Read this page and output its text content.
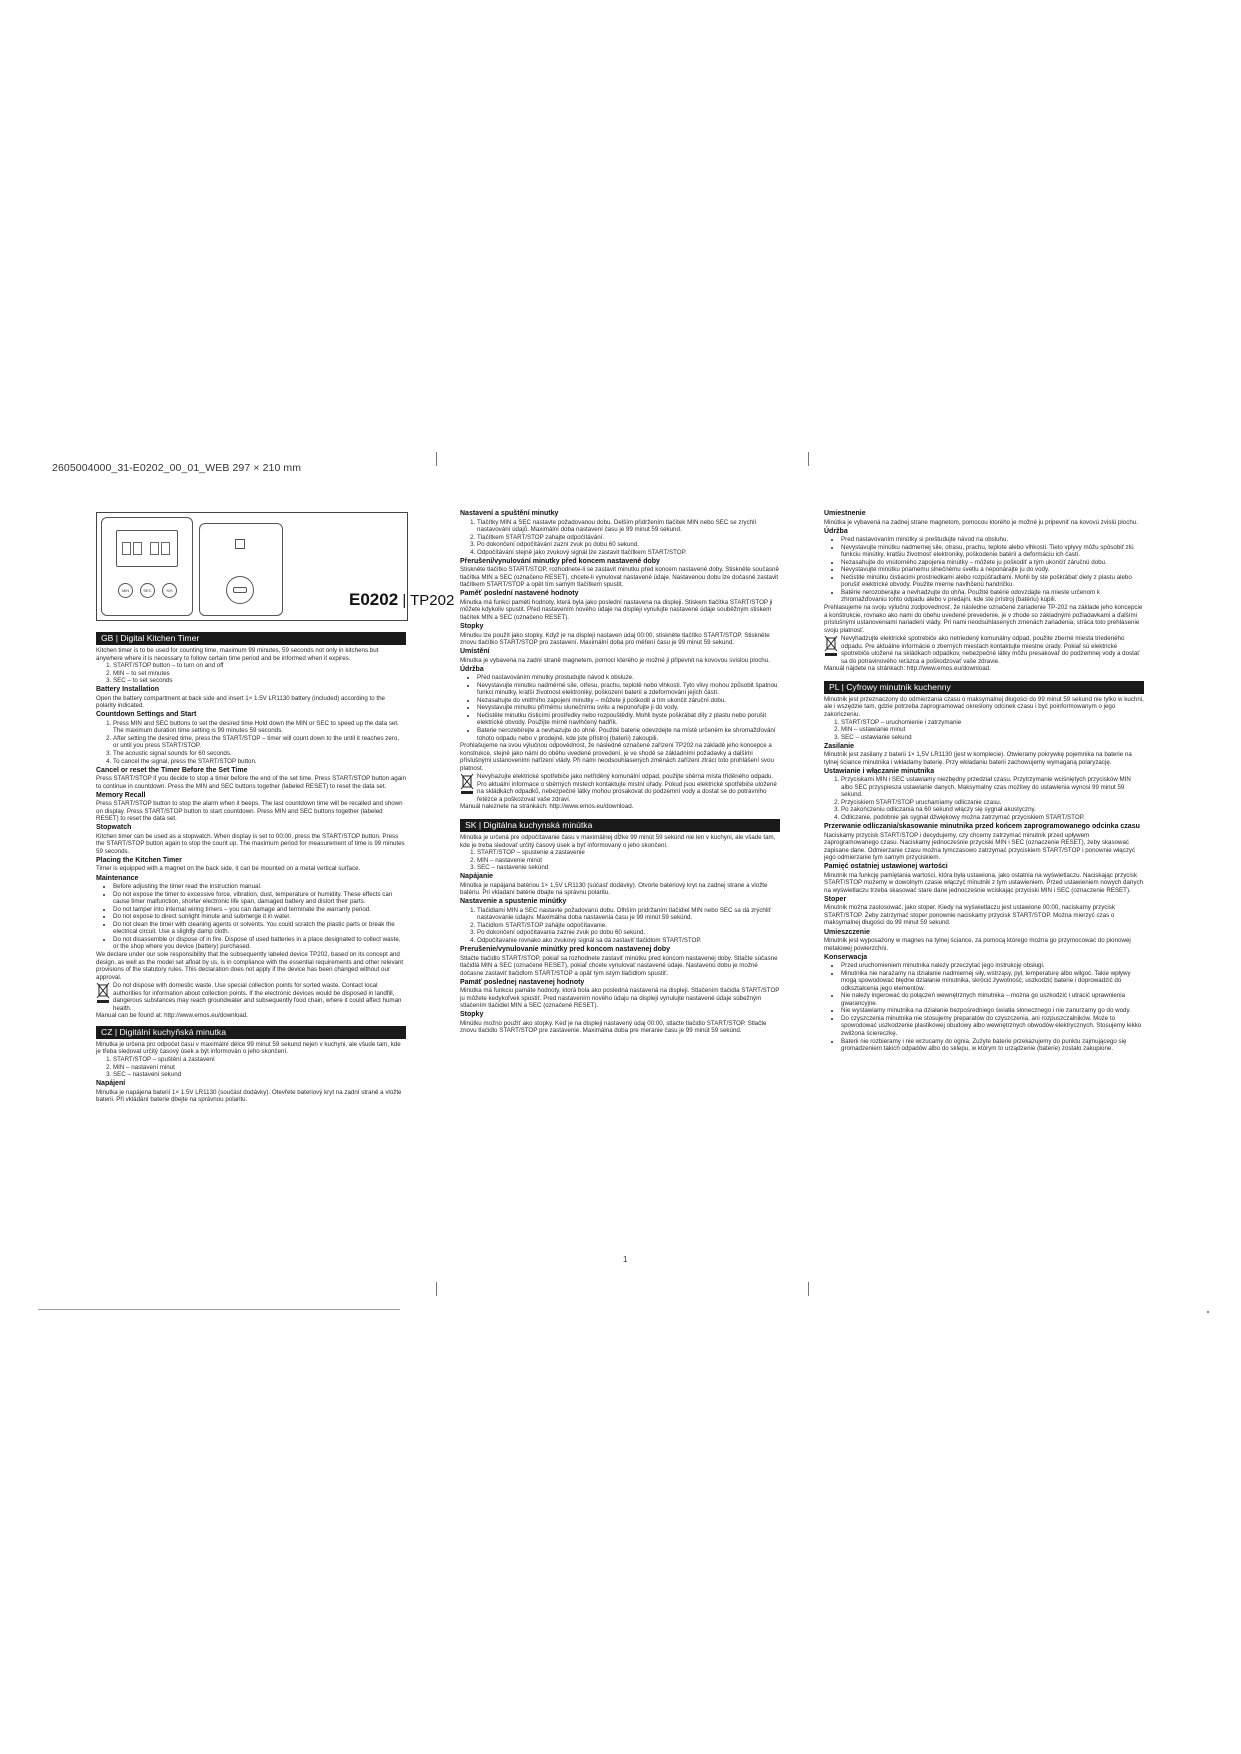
2605004000_31-E0202_00_01_WEB 297 × 210 mm
1
MIN	SEC	S/S	E0202 | TP202
GB | Digital Kitchen Timer

Kitchen timer is to be used for counting time, maximum 99 minutes, 59 seconds not only in kitchens but anywhere where it is necessary to follow certain time period and be informed when it expires.

1. START/STOP button – to turn on and off
2. MIN – to set minutes
3. SEC – to set seconds
Battery Installation

Open the battery compartment at back side and insert 1× 1.5V LR1130 battery (included) according to the polarity indicated.

Countdown Settings and Start
1. Press MIN and SEC buttons to set the desired time Hold down the MIN or SEC to speed up the data set. The maximum duration time setting is 99 minutes 59 seconds.
2. After setting the desired time, press the START/STOP – timer will count down to the until it reaches zero, or until you press START/STOP.
3. The acoustic signal sounds for 60 seconds.
4. To cancel the signal, press the START/STOP button.
Cancel or reset the Timer Before the Set Time

Press START/STOP if you decide to stop a timer before the end of the set time. Press START/STOP button again to continue in countdown. Press the MIN and SEC buttons together (labeled RESET) to reset the data set.

Memory Recall

Press START/STOP button to stop the alarm when it beeps. The last countdown time will be recalled and shown on display. Press START/STOP button to start countdown. Press MIN and SEC buttons together (labeled RESET) to reset the data set.

Stopwatch

Kitchen timer can be used as a stopwatch. When display is set to 00:00, press the START/STOP button. Press the START/STOP button again to stop the count up. The maximum period for measurement of time is 99 minutes 59 seconds.

Placing the Kitchen Timer

Timer is equipped with a magnet on the back side, it can be mounted on a metal vertical surface.

Maintenance
• Before adjusting the timer read the instruction manual.
• Do not expose the timer to excessive force, vibration, dust, temperature or humidity. These effects can cause timer malfunction, shorter electronic life span, damaged battery and distort their parts.
• Do not tamper into internal wiring timers – you can damage and terminate the warranty period.
• Do not expose to direct sunlight minute and submerge it in water.
• Do not clean the timer with cleaning agents or solvents. You could scratch the plastic parts or break the electrical circuit. Use a slightly damp cloth.
• Do not disassemble or dispose of in fire. Dispose of used batteries in a place designated to collect waste, or the shop where you device (battery) purchased.

We declare under our sole responsibility that the subsequently labeled device TP202, based on its concept and design, as well as the model set afloat by us, is in compliance with the essential requirements and other relevant provisions of the statutory rules. This declaration does not apply if the device has been changed without our approval.

Do not dispose with domestic waste. Use special collection points for sorted waste. Contact local authorities for information about collection points. If the electronic devices would be disposed in landfill, dangerous substances may reach groundwater and subsequently food chain, where it could affect human health.

Manual can be found at: http://www.emos.eu/download.

CZ | Digitální kuchyňská minutka

Minutka je určena pro odpočet času v maximální délce 99 minut 59 sekund nejen v kuchyni, ale všude tam, kde je třeba sledovat určitý časový úsek a být informován o jeho skončení.

1. START/STOP – spuštění a zastavení
2. MIN – nastavení minut
3. SEC – nastavení sekund
Napájení

Minutka je napájena baterií 1× 1.5V LR1130 (součást dodávky). Otevřete bateriový kryt na zadní straně a vložte baterii. Při vkládání baterie dbejte na správnou polaritu.

Nastavení a spuštění minutky
1. Tlačítky MIN a SEC nastavte požadovanou dobu. Delším přidržením tlačítek MIN nebo SEC se zrychlí nastavování údajů. Maximální doba nastavení času je 99 minut 59 sekund.
2. Tlačítkem START/STOP zahajte odpočítávání.
3. Po dokončení odpočítávání zazní zvuk po dobu 60 sekund.
4. Odpočítávání stejně jako zvukový signál lze zastavit tlačítkem START/STOP.
Přerušení/vynulování minutky před koncem nastavené doby

Stiskněte tlačítko START/STOP, rozhodnete-li se zastavit minutku před koncem nastavené doby. Stiskněte současně tlačítka MIN a SEC (označeno RESET), chcete-li vynulovat nastavené údaje. Nastavenou dobu lze dočasně zastavit tlačítkem START/STOP a opět tím samým tlačítkem spustit.

Paměť poslední nastavené hodnoty

Minutka má funkci paměti hodnoty, která byla jako poslední nastavena na displeji. Stiskem tlačítka START/STOP ji můžete kdykoliv spustit. Před nastavením nového údaje na displeji vynulujte nastavené údaje souběžným stiskem tlačítek MIN a SEC (označeno RESET).

Stopky

Minutku lze použít jako stopky. Když je na displeji nastaven údaj 00:00, stiskněte tlačítko START/STOP. Stiskněte znovu tlačítko START/STOP pro zastavení. Maximální doba pro měření času je 99 minut 59 sekund.

Umístění

Minutka je vybavena na zadní straně magnetem, pomocí kterého je možné ji připevnit na kovovou svislou plochu.

Údržba
• Před nastavováním minutky prostudujte návod k obsluze.
• Nevystavujte minutku nadměrné síle, otřesu, prachu, teplotě nebo vlhkosti. Tyto vlivy mohou způsobit špatnou funkci minutky, kratší životnost elektroniky, poškození baterií a zdeformování jejích částí.
• Nezasahujte do vnitřního zapojení minutky – můžete ji poškodit a tím ukončit záruční dobu.
• Nevystavujte minutku přímému slunečnímu svitu a neponořujte ji do vody.
• Nečistěte minutku čisticími prostředky nebo rozpouštědly. Mohli byste poškrábat díly z plastu nebo porušit elektrické obvody. Použijte mírně navlhčený hadřík.
• Baterie nerozebírejte a nevhazujte do ohně. Použité baterie odevzdejte na místě určeném ke shromažďování tohoto odpadu nebo v prodejně, kde jste přístroj (baterii) zakoupili.

Prohlašujeme na svou výlučnou odpovědnost, že následně označené zařízení TP202 na základě jeho koncepce a konstrukce, stejně jako námi do oběhu uvedené provedení, je ve shodě se základními požadavky a dalšími příslušnými ustanoveními nařízení vlády. Při námi neodsouhlasených změnách zařízení ztrácí toto prohlášení svou platnost.

Nevyhazujte elektrické spotřebiče jako netříděný komunální odpad, použijte sběrná místa tříděného odpadu. Pro aktuální informace o sběrných místech kontaktujte místní úřady. Pokud jsou elektrické spotřebiče uložené na skládkách odpadků, nebezpečné látky mohou prosakovat do podzemní vody a dostat se do potravního řetězce a poškozovat vaše zdraví.

Manuál naleznete na stránkách: http://www.emos.eu/download.

SK | Digitálna kuchynská minútka

Minútka je určená pre odpočítavanie času v maximálnej dĺžke 99 minút 59 sekúnd nie len v kuchyni, ale všade tam, kde je treba sledovať určitý časový úsek a byť informovaný o jeho skončení.

1. START/STOP – spustenie a zastavenie
2. MIN – nastavenie minút
3. SEC – nastavenie sekúnd
Napájanie

Minútka je napájaná batériou 1× 1,5V LR1130 (súčasť dodávky). Otvorte batériový kryt na zadnej strane a vložte batériu. Pri vkladaní batérie dbajte na správnu polaritu.

Nastavenie a spustenie minútky
1. Tlačidlami MIN a SEC nastavte požadovanú dobu. Dlhším pridržaním tlačidiel MIN nebo SEC sa dá zrýchliť nastavovanie údajov. Maximálna doba nastavenia času je 99 minút 59 sekúnd.
2. Tlačidlom START/STOP zahájte odpočítavanie.
3. Po dokončení odpočítavania zaznie zvuk po dobu 60 sekúnd.
4. Odpočítavanie rovnako ako zvukový signál sa dá zastaviť tlačidlom START/STOP.
Prerušenie/vynulovanie minútky pred koncom nastavenej doby

Stlačte tlačidlo START/STOP, pokiaľ sa rozhodnete zastaviť minútku pred koncom nastavenej doby. Stlačte súčasne tlačidlá MIN a SEC (označené RESET), pokiaľ chcete vynulovať nastavené údaje. Nastavenú dobu je možné dočasne zastaviť tlačidlom START/STOP a opäť tým istým tlačidlom spustiť.

Pamäť poslednej nastavenej hodnoty

Minútka má funkciu pamäte hodnoty, ktorá bola ako posledná nastavená na displeji. Stlačením tlačidla START/STOP ju môžete kedykoľvek spustiť. Pred nastavením nového údaju na displeji vynulujte nastavené údaje súbežným stlačením tlačidiel MIN a SEC (označené RESET).

Stopky

Minútku možno použiť ako stopky. Keď je na displeji nastavený údaj 00:00, stlačte tlačidlo START/STOP. Stlačte znovu tlačidlo START/STOP pre zastavenie. Maximálna doba pre meranie času je 99 minút 59 sekúnd.

Umiestnenie

Minútka je vybavená na zadnej strane magnetom, pomocou ktorého je možné ju pripevniť na kovovú zvislú plochu.

Údržba
• Pred nastavovaním minútky si preštudujte návod na obsluhu.
• Nevystavujte minútku nadmernej sile, otrasu, prachu, teplote alebo vlhkosti. Tieto vplyvy môžu spôsobiť zlú funkciu minútky, kratšiu životnosť elektroniky, poškodenie batérií a deformáciu ich častí.
• Nezasahujte do vnútorného zapojenia minútky – môžete ju poškodiť a tým ukončiť záručnú dobu.
• Nevystavujte minútku priamemu slnečnému svetlu a neponárajte ju do vody.
• Nečistite minútku čistiacimi prostriedkami alebo rozpúšťadlami. Mohli by ste poškrábať diely z plastu alebo porušiť elektrické obvody. Použite mierne navlhčenú handričku.
• Batérie nerozoberajte a nevhadzujte do ohňa. Použité batérie odovzdajte na mieste určenom k zhromažďovaniu tohto odpadu alebo v predajni, kde ste prístroj (batériu) kúpili.

Prehlasujeme na svoju výlučnú zodpovednosť, že následne označené zariadenie TP-202 na základe jeho koncepcie a konštrukcie, rovnako ako nami do obehu uvedené prevedenie, je v zhode so základnými požiadavkami a ďalšími príslušnými ustanoveniami nariadení vlády. Pri nami neodsúhlasených zmenách zariadenia, stráca toto prehlásenie svoju platnosť.

Nevyhadzujte elektrické spotrebiče ako netriedený komunálny odpad, použite zberné miesta triedeného odpadu. Pre aktuálne informácie o zberných miestach kontaktujte miestne úrady. Pokiaľ sú elektrické spotrebiče uložené na skládkach odpadkov, nebezpečné látky môžu presakovať do podzemnej vody a dostať sa do potravinového reťazca a poškodzovať vaše zdravie.

Manuál nájdete na stránkach: http://www.emos.eu/download.

PL | Cyfrowy minutnik kuchenny

Minutnik jest przeznaczony do odmierzania czasu o maksymalnej długości do 99 minut 59 sekund nie tylko w kuchni, ale i wszędzie tam, gdzie potrzeba zaprogramować określony odcinek czasu i być poinformowanym o jego zakończeniu.

1. START/STOP – uruchomienie i zatrzymanie
2. MIN – ustawianie minut
3. SEC – ustawianie sekund
Zasilanie

Minutnik jest zasilany z baterii 1× 1,5V LR1130 (jest w komplecie). Otwieramy pokrywkę pojemnika na baterie na tylnej ściance minutnika i wkładamy baterię. Przy wkładaniu baterii zachowujemy wymaganą polaryzację.

Ustawianie i włączanie minutnika
1. Przyciskami MIN i SEC ustawiamy niezbędny przedział czasu. Przytrzymanie wciśniętych przycisków MIN albo SEC przyspiesza ustawianie danych. Maksymalny czas możliwy do ustawienia wynosi 99 minut 59 sekund.
2. Przyciskiem START/STOP uruchamiamy odliczanie czasu.
3. Po zakończeniu odliczania na 60 sekund włączy się sygnał akustyczny.
4. Odliczanie, podobnie jak sygnał dźwiękowy można zatrzymać przyciskiem START/STOP.
Przerwanie odliczania/skasowanie minutnika przed końcem zaprogramowanego odcinka czasu

Naciskamy przycisk START/STOP i decydujemy, czy chcemy zatrzymać minutnik przed upływem zaprogramowanego czasu. Naciskamy jednocześnie przyciski MIN i SEC (oznaczenie RESET), żeby skasować zapisane dane. Odmierzanie czasu można tymczasowo zatrzymać przyciskiem START/STOP i ponownie włączyć jego odmierzanie tym samym przyciskiem.

Pamięć ostatniej ustawionej wartości

Minutnik ma funkcję pamiętania wartości, która była ustawiona, jako ostatnia na wyświetlaczu. Naciskając przycisk START/STOP możemy w dowolnym czasie włączyć minutnik z tym ustawieniem. Przed ustawieniem nowych danych na wyświetlaczu trzeba skasować stare dane jednocześnie wciskając przyciski MIN i SEC (oznaczenie RESET).

Stoper

Minutnik można zastosować, jako stoper. Kiedy na wyświetlaczu jest ustawione 00:00, naciskamy przycisk START/STOP. Żeby zatrzymać stoper ponownie naciskamy przycisk START/STOP. Można mierzyć czas o maksymalnej długości do 99 minut 59 sekund.

Umieszczenie

Minutnik jest wyposażony w magnes na tylnej ściance, za pomocą którego można go przymocować do pionowej metalowej powierzchni.

Konserwacja
• Przed uruchomieniem minutnika należy przeczytać jego instrukcję obsługi.
• Minutnika nie narażamy na działanie nadmiernej siły, wstrząsy, pył, temperaturę albo wilgoć. Takie wpływy mogą spowodować błędne działanie minutnika, skrócić żywotność, uszkodzić baterie i doprowadzić do odkształcenia jego elementów.
• Nie należy ingerować do połączeń wewnętrznych minutnika – można go uszkodzić i utracić uprawnienia gwarancyjne.
• Nie wystawiamy minutnika na działanie bezpośredniego światła słonecznego i nie zanurzamy go do wody.
• Do czyszczenia minutnika nie stosujemy preparatów do czyszczenia, ani rozpuszczalników. Może to spowodować uszkodzenie plastikowej obudowy albo wewnętrznych obwodów elektrycznych. Stosujemy lekko zwilżona ściereczkę.
• Baterii nie rozbieramy i nie wrzucamy do ognia. Zużyte baterie przekazujemy do punktu zajmującego się gromadzeniem takich odpadów albo do sklepu, w którym to urządzenie (baterie) zostało zakupione.
